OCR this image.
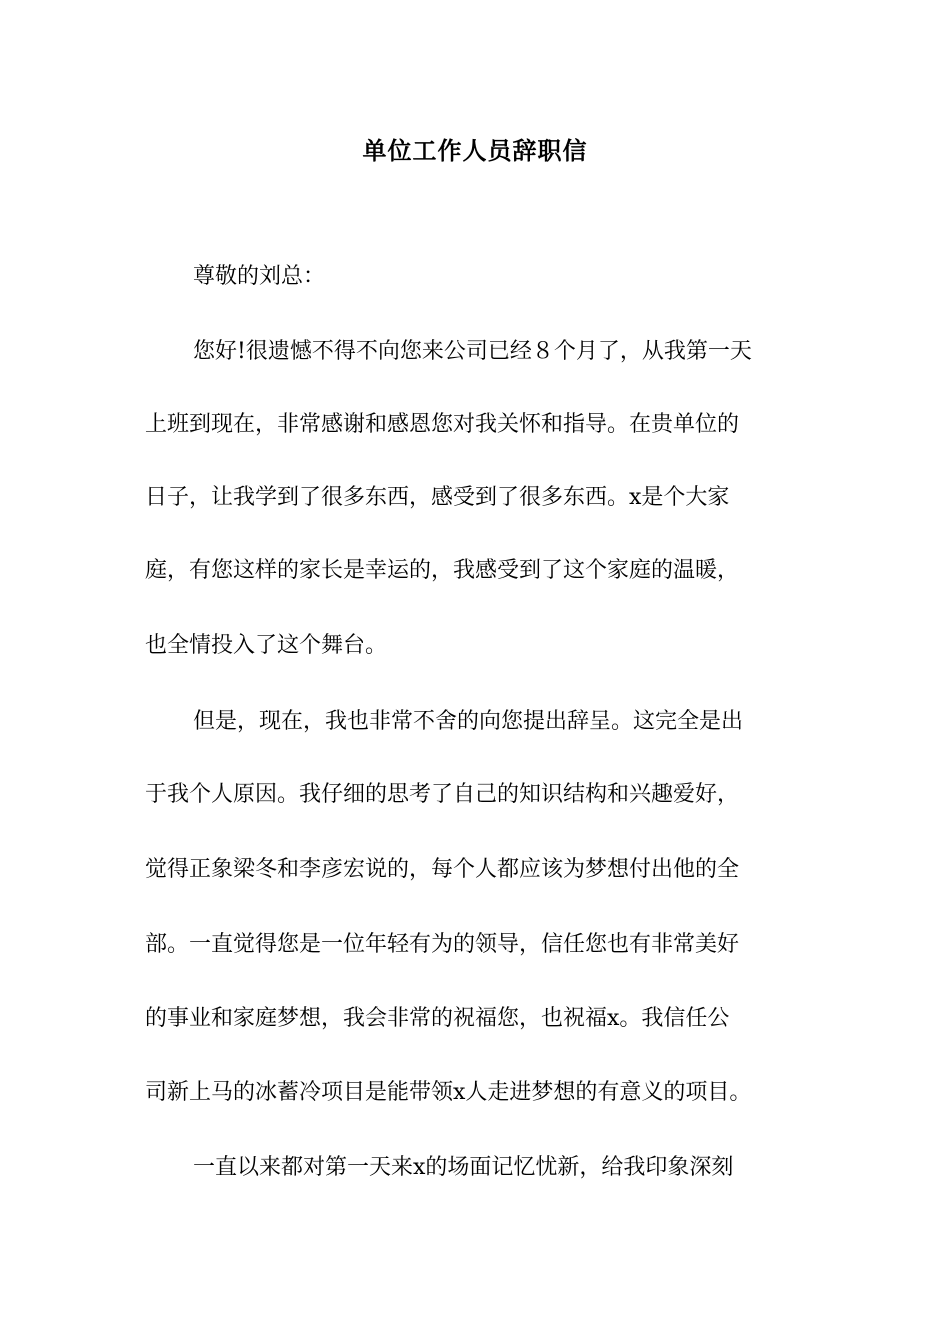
单位工作人员辞职信
尊敬的刘总：
您好!很遗憾不得不向您来公司已经８个月了，从我第一天
上班到现在，非常感谢和感恩您对我关怀和指导。在贵单位的
日子，让我学到了很多东西，感受到了很多东西。x是个大家
庭，有您这样的家长是幸运的，我感受到了这个家庭的温暖，
也全情投入了这个舞台。
但是，现在，我也非常不舍的向您提出辞呈。这完全是出
于我个人原因。我仔细的思考了自己的知识结构和兴趣爱好，
觉得正象梁冬和李彦宏说的，每个人都应该为梦想付出他的全
部。一直觉得您是一位年轻有为的领导，信任您也有非常美好
的事业和家庭梦想，我会非常的祝福您，也祝福x。我信任公
司新上马的冰蓄冷项目是能带领x人走进梦想的有意义的项目。
一直以来都对第一天来x的场面记忆忧新，给我印象深刻
